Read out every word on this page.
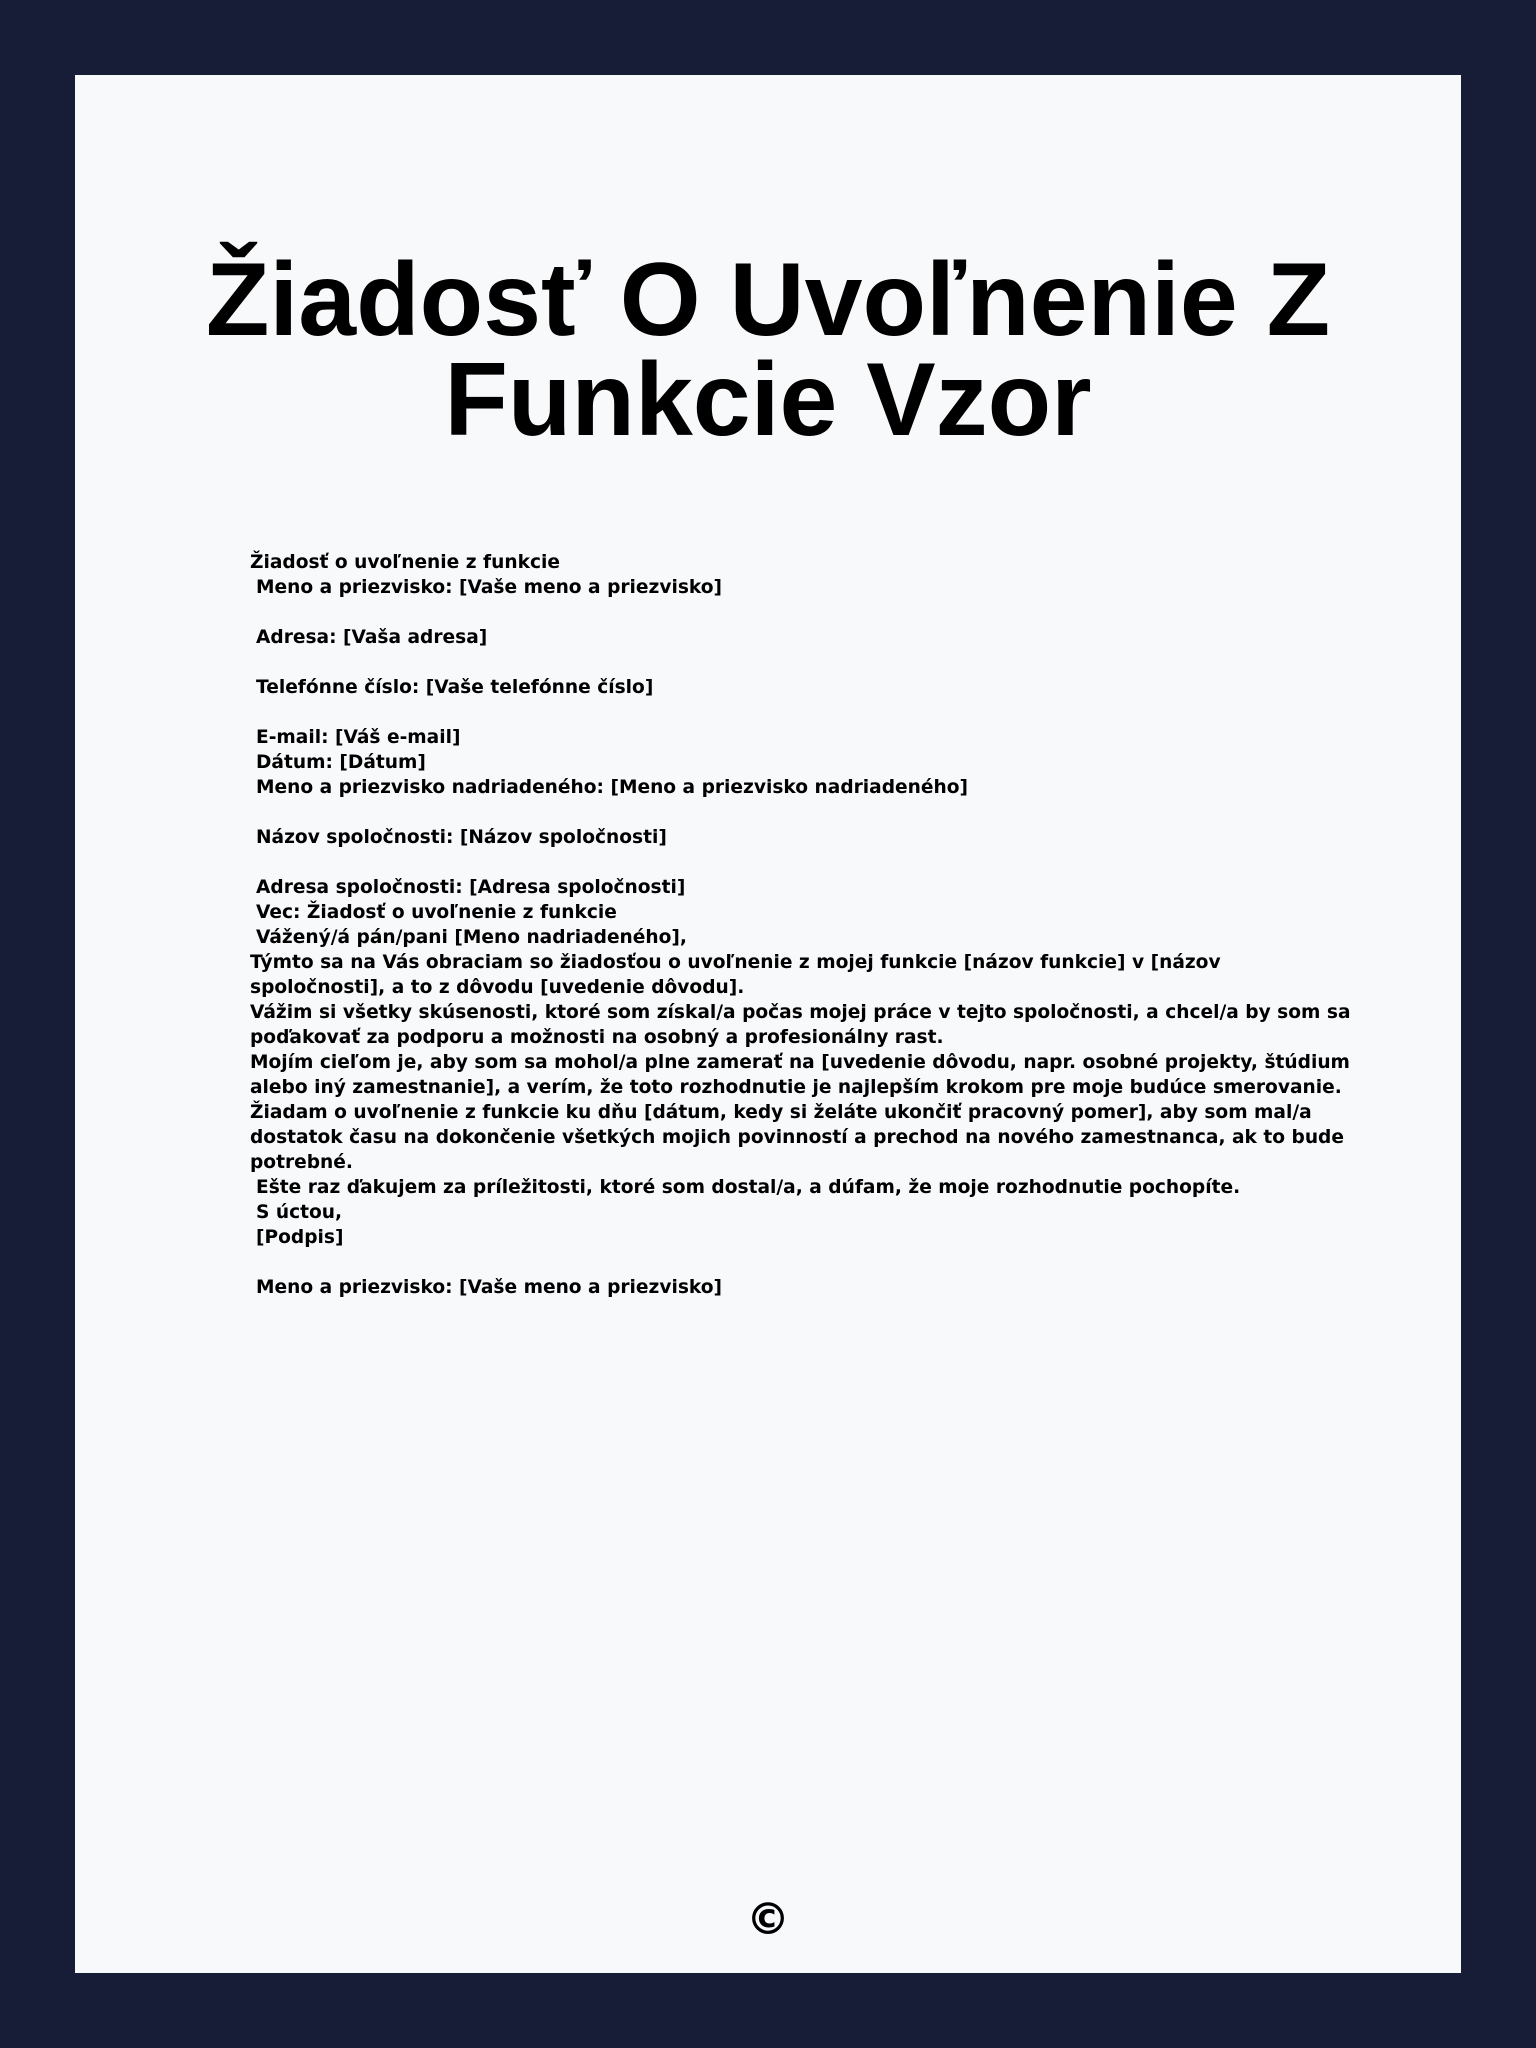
Žiadosť O Uvoľnenie Z Funkcie Vzor

Žiadosť o uvoľnenie z funkcie

Meno a priezvisko: [Vaše meno a priezvisko]

Adresa: [Vaša adresa]

Telefónne číslo: [Vaše telefónne číslo]

E-mail: [Váš e-mail]

Dátum: [Dátum]

Meno a priezvisko nadriadeného: [Meno a priezvisko nadriadeného]

Názov spoločnosti: [Názov spoločnosti]

Adresa spoločnosti: [Adresa spoločnosti]

Vec: Žiadosť o uvoľnenie z funkcie

Vážený/á pán/pani [Meno nadriadeného],

Týmto sa na Vás obraciam so žiadosťou o uvoľnenie z mojej funkcie [názov funkcie] v [názov spoločnosti], a to z dôvodu [uvedenie dôvodu].

Vážim si všetky skúsenosti, ktoré som získal/a počas mojej práce v tejto spoločnosti, a chcel/a by som sa poďakovať za podporu a možnosti na osobný a profesionálny rast.

Mojím cieľom je, aby som sa mohol/a plne zamerať na [uvedenie dôvodu, napr. osobné projekty, štúdium alebo iný zamestnanie], a verím, že toto rozhodnutie je najlepším krokom pre moje budúce smerovanie.

Žiadam o uvoľnenie z funkcie ku dňu [dátum, kedy si želáte ukončiť pracovný pomer], aby som mal/a dostatok času na dokončenie všetkých mojich povinností a prechod na nového zamestnanca, ak to bude potrebné.

Ešte raz ďakujem za príležitosti, ktoré som dostal/a, a dúfam, že moje rozhodnutie pochopíte.

S úctou,

[Podpis]

Meno a priezvisko: [Vaše meno a priezvisko]

©
